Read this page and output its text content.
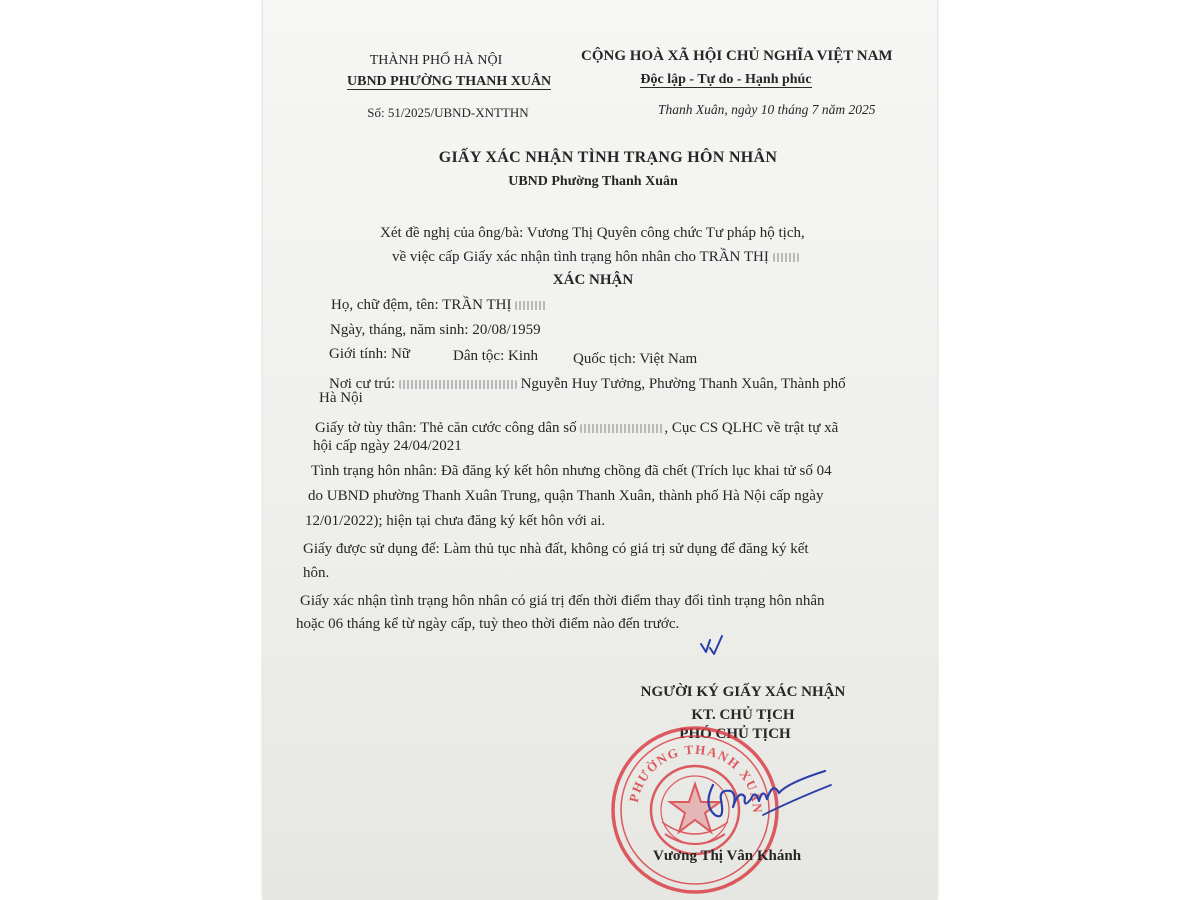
THÀNH PHỐ HÀ NỘI
UBND PHƯỜNG THANH XUÂN
Số: 51/2025/UBND-XNTTHN
CỘNG HOÀ XÃ HỘI CHỦ NGHĨA VIỆT NAM
Độc lập - Tự do - Hạnh phúc
Thanh Xuân, ngày 10 tháng 7 năm 2025
GIẤY XÁC NHẬN TÌNH TRẠNG HÔN NHÂN
UBND Phường Thanh Xuân
Xét đề nghị của ông/bà: Vương Thị Quyên công chức Tư pháp hộ tịch,
về việc cấp Giấy xác nhận tình trạng hôn nhân cho TRẦN THỊ
XÁC NHẬN
Họ, chữ đệm, tên: TRẦN THỊ
Ngày, tháng, năm sinh: 20/08/1959
Giới tính: Nữ	Dân tộc: Kinh Quốc tịch: Việt Nam
Nơi cư trú:	Nguyễn Huy Tưởng, Phường Thanh Xuân, Thành phố
Hà Nội
Giấy tờ tùy thân: Thẻ căn cước công dân số	, Cục CS QLHC về trật tự xã
hội cấp ngày 24/04/2021
Tình trạng hôn nhân: Đã đăng ký kết hôn nhưng chồng đã chết (Trích lục khai tử số 04
do UBND phường Thanh Xuân Trung, quận Thanh Xuân, thành phố Hà Nội cấp ngày
12/01/2022); hiện tại chưa đăng ký kết hôn với ai.
Giấy được sử dụng để: Làm thủ tục nhà đất, không có giá trị sử dụng để đăng ký kết
hôn.
Giấy xác nhận tình trạng hôn nhân có giá trị đến thời điểm thay đổi tình trạng hôn nhân
hoặc 06 tháng kể từ ngày cấp, tuỳ theo thời điểm nào đến trước.
NGƯỜI KÝ GIẤY XÁC NHẬN
KT. CHỦ TỊCH
PHÓ CHỦ TỊCH
PHƯỜNG THANH XUÂN
Vương Thị Vân Khánh
